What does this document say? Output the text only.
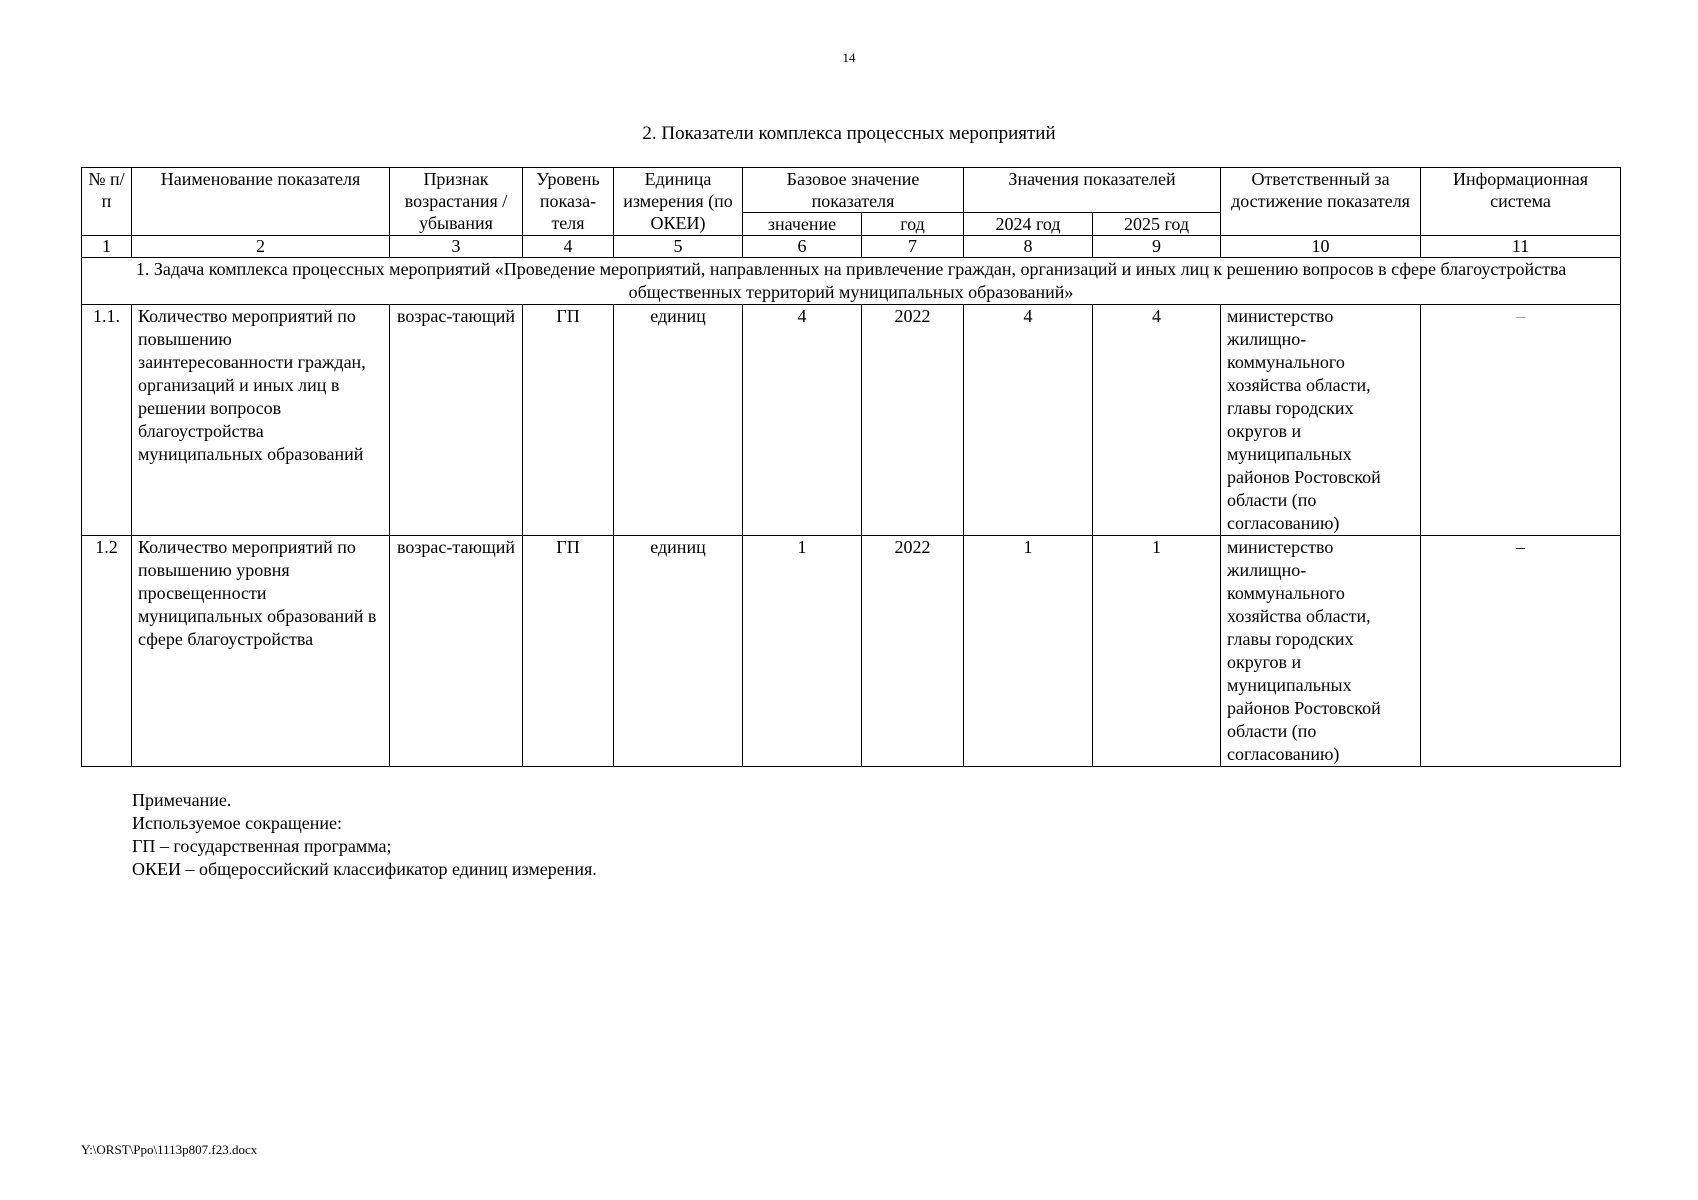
14
2. Показатели комплекса процессных мероприятий
№ п/п	Наименование показателя	Признак возрастания / убывания	Уровень показа-теля	Единица измерения (по ОКЕИ)	Базовое значение показателя		Значения показателей		Ответственный за достижение показателя	Информационная система
					значение	год	2024 год	2025 год		
1	2	3	4	5	6	7	8	9	10	11
1. Задача комплекса процессных мероприятий «Проведение мероприятий, направленных на привлечение граждан, организаций и иных лиц к решению вопросов в сфере благоустройства общественных территорий муниципальных образований»										
1.1.	Количество мероприятий по повышению заинтересованности граждан, организаций и иных лиц в решении вопросов благоустройства муниципальных образований	возрас-тающий	ГП	единиц	4	2022	4	4	министерство жилищно-коммунального хозяйства области, главы городских округов и муниципальных районов Ростовской области (по согласованию)	–
1.2	Количество мероприятий по повышению уровня просвещенности муниципальных образований в сфере благоустройства	возрас-тающий	ГП	единиц	1	2022	1	1	министерство жилищно-коммунального хозяйства области, главы городских округов и муниципальных районов Ростовской области (по согласованию)	–
Примечание.
Используемое сокращение:
ГП – государственная программа;
ОКЕИ – общероссийский классификатор единиц измерения.
Y:\ORST\Ppo\1113p807.f23.docx
